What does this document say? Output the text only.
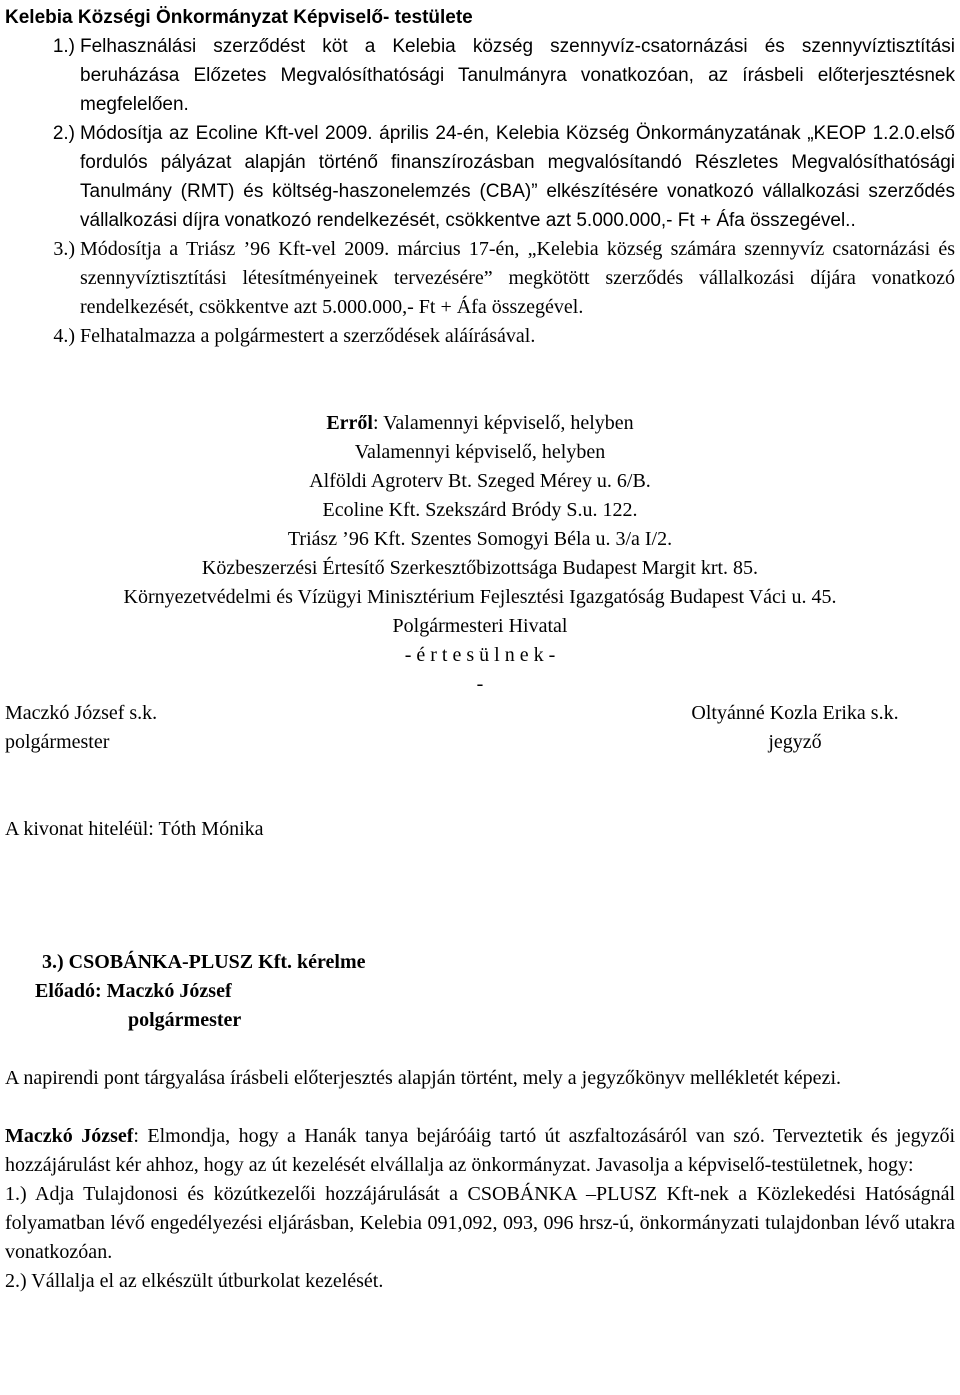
Kelebia Községi Önkormányzat Képviselő- testülete
1.) Felhasználási szerződést köt a Kelebia község szennyvíz-csatornázási és szennyvíztisztítási beruházása Előzetes Megvalósíthatósági Tanulmányra vonatkozóan, az írásbeli előterjesztésnek megfelelően.
2.) Módosítja az Ecoline Kft-vel 2009. április 24-én, Kelebia Község Önkormányzatának „KEOP 1.2.0.első fordulós pályázat alapján történő finanszírozásban megvalósítandó Részletes Megvalósíthatósági Tanulmány (RMT) és költség-haszonelemzés (CBA)” elkészítésére vonatkozó vállalkozási szerződés vállalkozási díjra vonatkozó rendelkezését, csökkentve azt 5.000.000,- Ft + Áfa összegével..
3.) Módosítja a Triász ’96 Kft-vel 2009. március 17-én, „Kelebia község számára szennyvíz csatornázási és szennyvíztisztítási létesítményeinek tervezésére” megkötött szerződés vállalkozási díjára vonatkozó rendelkezését, csökkentve azt 5.000.000,- Ft + Áfa összegével.
4.) Felhatalmazza a polgármestert a szerződések aláírásával.
Erről: Valamennyi képviselő, helyben
Valamennyi képviselő, helyben
Alföldi Agroterv Bt. Szeged Mérey u. 6/B.
Ecoline Kft. Szekszárd Bródy S.u. 122.
Triász ’96 Kft. Szentes Somogyi Béla u. 3/a I/2.
Közbeszerzési Értesítő Szerkesztőbizottsága Budapest Margit krt. 85.
Környezetvédelmi és Vízügyi Minisztérium Fejlesztési Igazgatóság Budapest Váci u. 45.
Polgármesteri Hivatal
- é r t e s ü l n e k -
-
Maczkó József s.k.
polgármester
Oltyánné Kozla Erika s.k.
jegyző
A kivonat hiteléül: Tóth Mónika
3.) CSOBÁNKA-PLUSZ Kft. kérelme
Előadó: Maczkó József
polgármester
A napirendi pont tárgyalása írásbeli előterjesztés alapján történt, mely a jegyzőkönyv mellékletét képezi.
Maczkó József: Elmondja, hogy a Hanák tanya bejáróáig tartó út aszfaltozásáról van szó. Terveztetik és jegyzői hozzájárulást kér ahhoz, hogy az út kezelését elvállalja az önkormányzat. Javasolja a képviselő-testületnek, hogy:
1.) Adja Tulajdonosi és közútkezelői hozzájárulását a CSOBÁNKA –PLUSZ Kft-nek a Közlekedési Hatóságnál folyamatban lévő engedélyezési eljárásban, Kelebia 091,092, 093, 096 hrsz-ú, önkormányzati tulajdonban lévő utakra vonatkozóan.
2.) Vállalja el az elkészült útburkolat kezelését.
